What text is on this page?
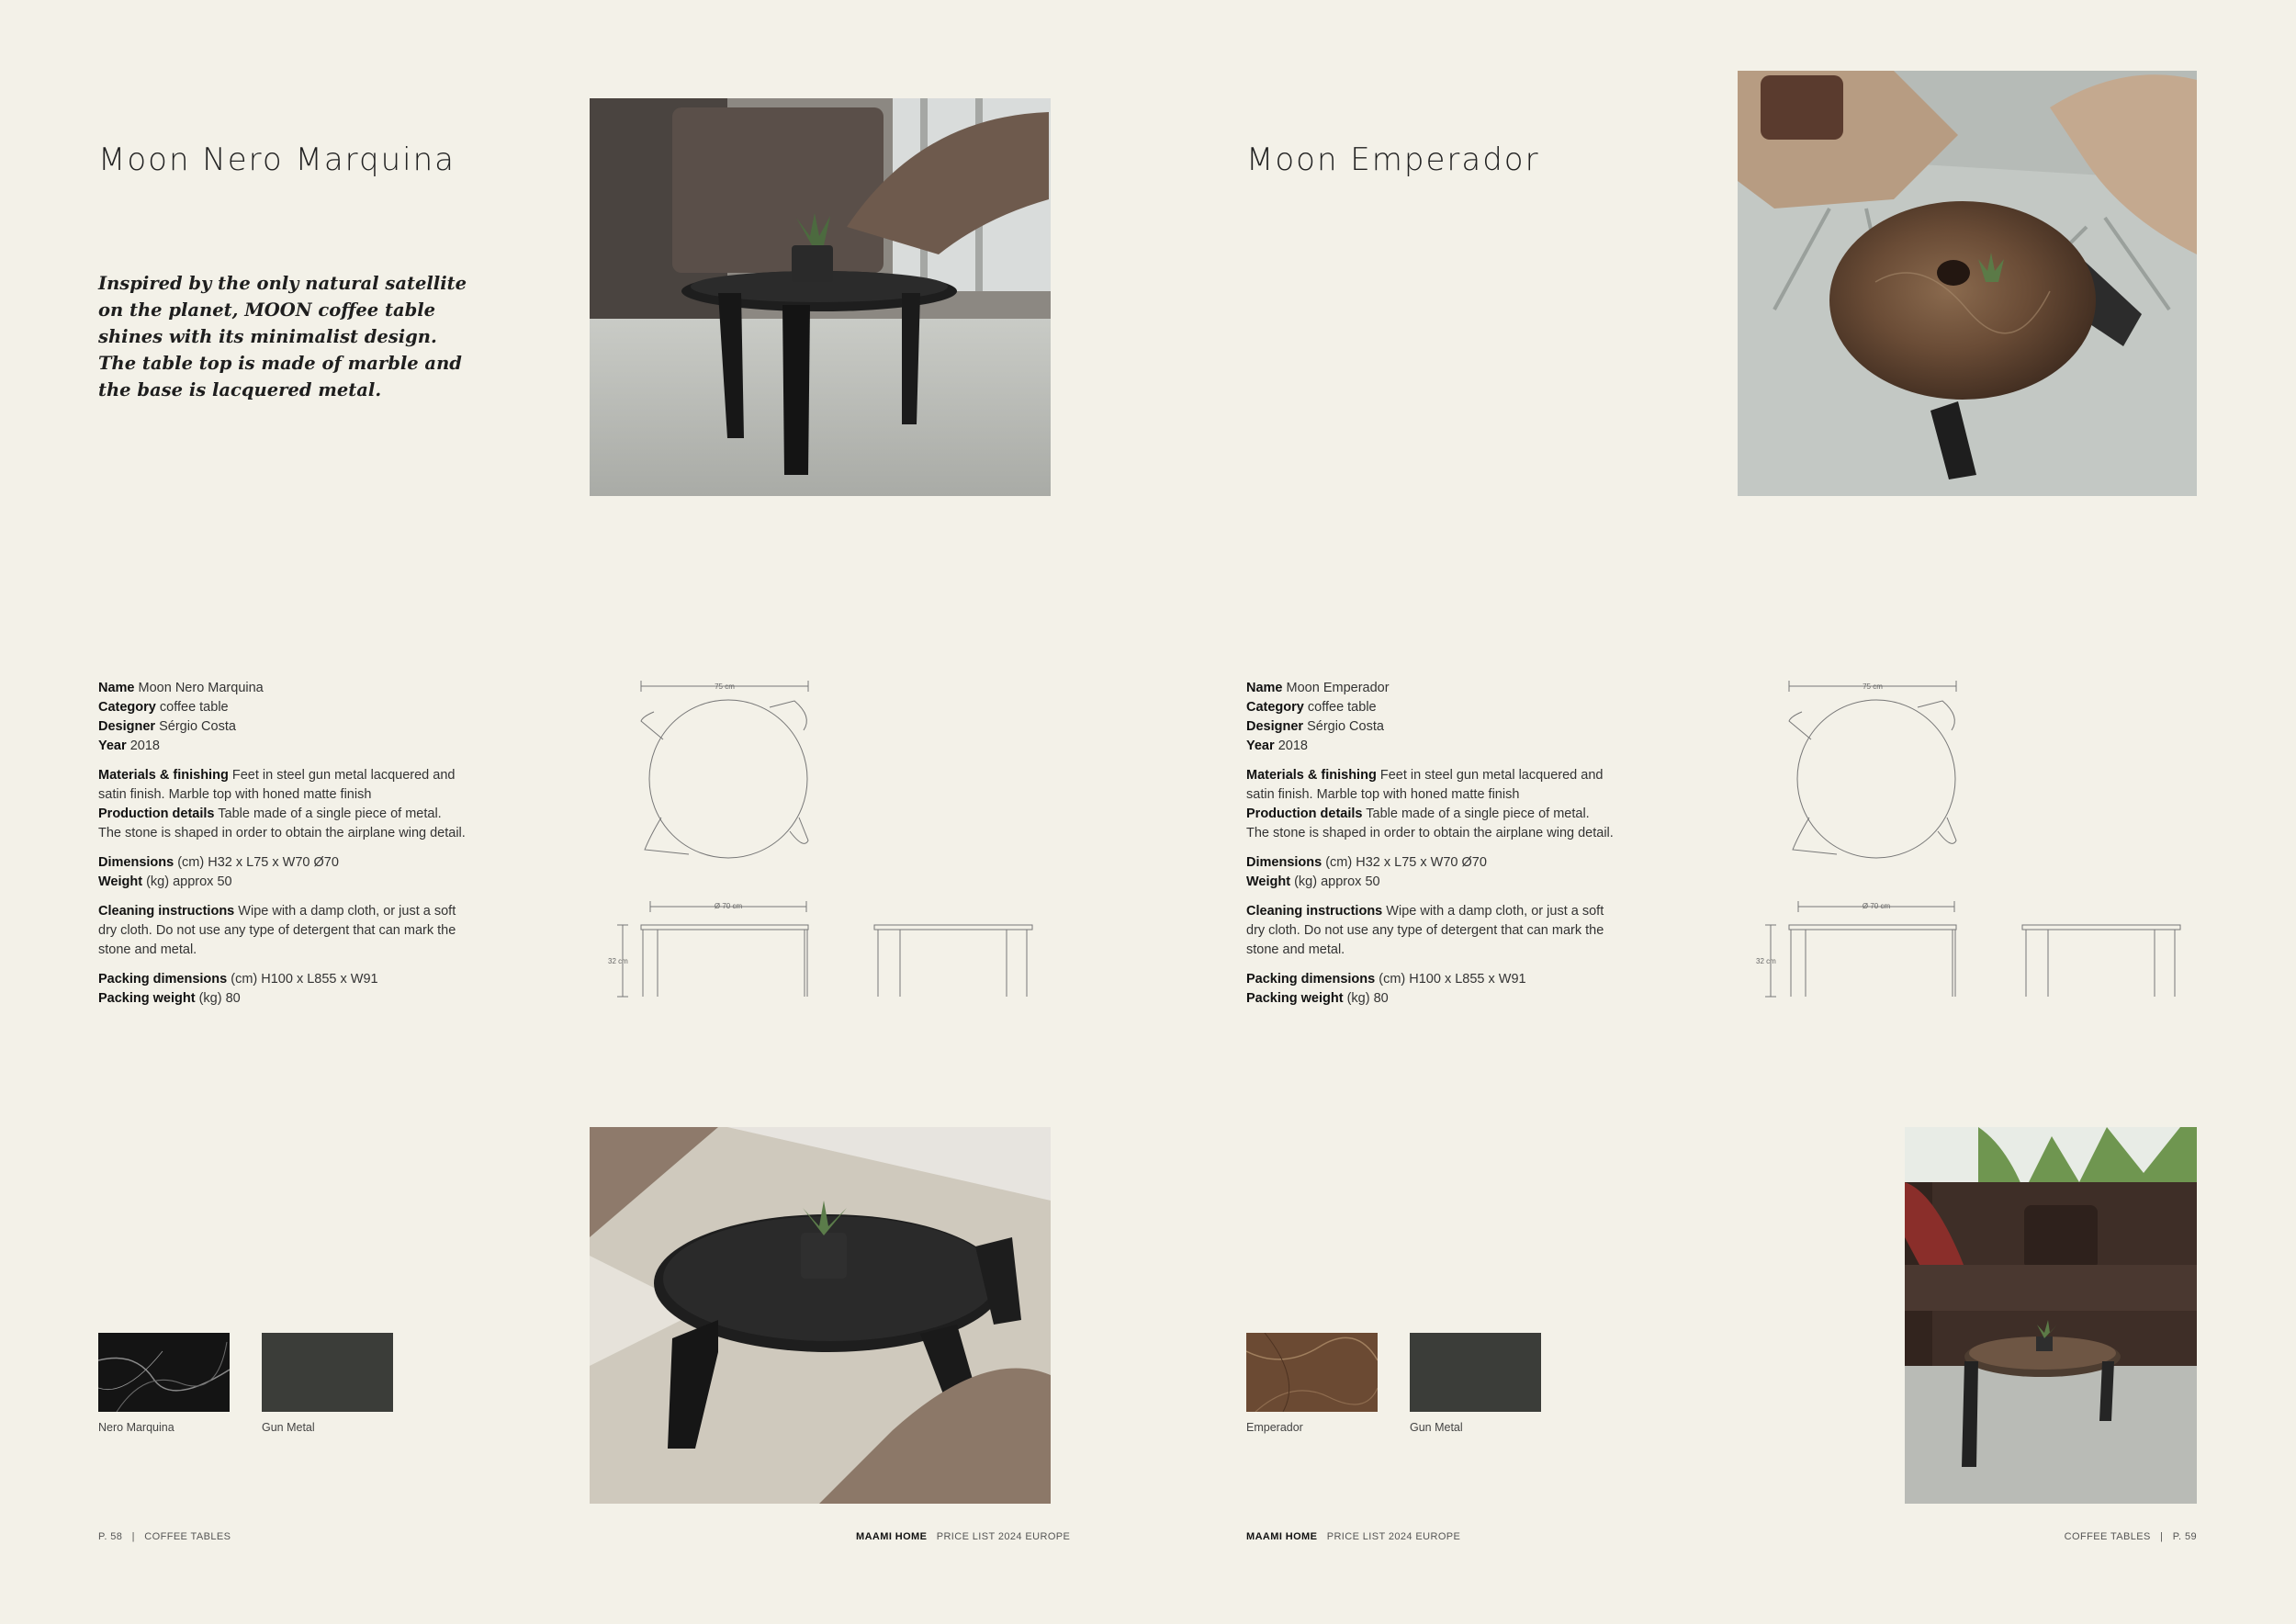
Moon Nero Marquina
Inspired by the only natural satellite on the planet, MOON coffee table shines with its minimalist design. The table top is made of marble and the base is lacquered metal.

Name Moon Nero Marquina
Category coffee table
Designer Sérgio Costa
Year 2018

Materials & finishing Feet in steel gun metal lacquered and satin finish. Marble top with honed matte finish

Production details Table made of a single piece of metal. The stone is shaped in order to obtain the airplane wing detail.

Dimensions (cm) H32 x L75 x W70 Ø70
Weight (kg) approx 50

Cleaning instructions Wipe with a damp cloth, or just a soft dry cloth. Do not use any type of detergent that can mark the stone and metal.

Packing dimensions (cm) H100 x L855 x W91
Packing weight (kg) 80

75 cm
Ø 70 cm
32 cm
Nero Marquina	Gun Metal
P. 58   |   COFFEE TABLES	MAAMI HOME PRICE LIST 2024 EUROPE
Moon Emperador

Name Moon Emperador
Category coffee table
Designer Sérgio Costa
Year 2018

Materials & finishing Feet in steel gun metal lacquered and satin finish. Marble top with honed matte finish

Production details Table made of a single piece of metal. The stone is shaped in order to obtain the airplane wing detail.

Dimensions (cm) H32 x L75 x W70 Ø70
Weight (kg) approx 50

Cleaning instructions Wipe with a damp cloth, or just a soft dry cloth. Do not use any type of detergent that can mark the stone and metal.

Packing dimensions (cm) H100 x L855 x W91
Packing weight (kg) 80

75 cm
Ø 70 cm
32 cm
Emperador	Gun Metal
MAAMI HOME PRICE LIST 2024 EUROPE	COFFEE TABLES   |   P. 59
